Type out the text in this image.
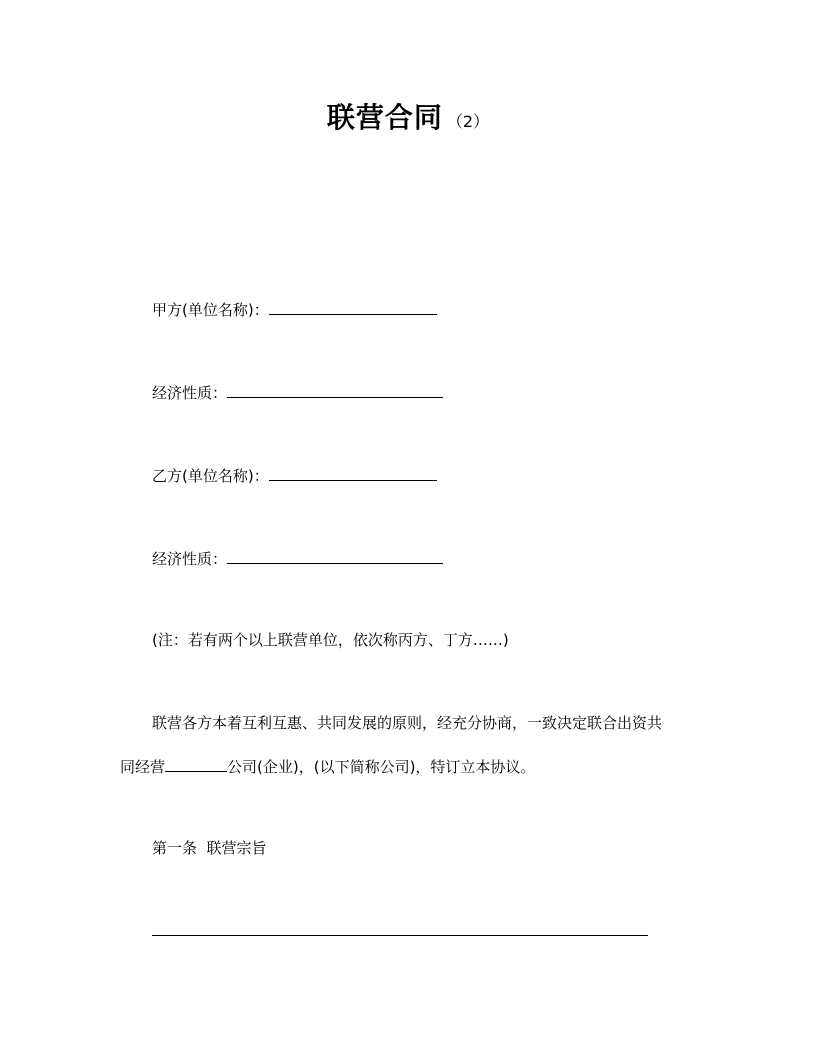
联营合同 （2）
甲方(单位名称)：
经济性质：
乙方(单位名称)：
经济性质：
(注：若有两个以上联营单位，依次称丙方、丁方……)
联营各方本着互利互惠、共同发展的原则，经充分协商，一致决定联合出资共
同经营	公司(企业)，(以下简称公司)，特订立本协议。
第一条  联营宗旨
